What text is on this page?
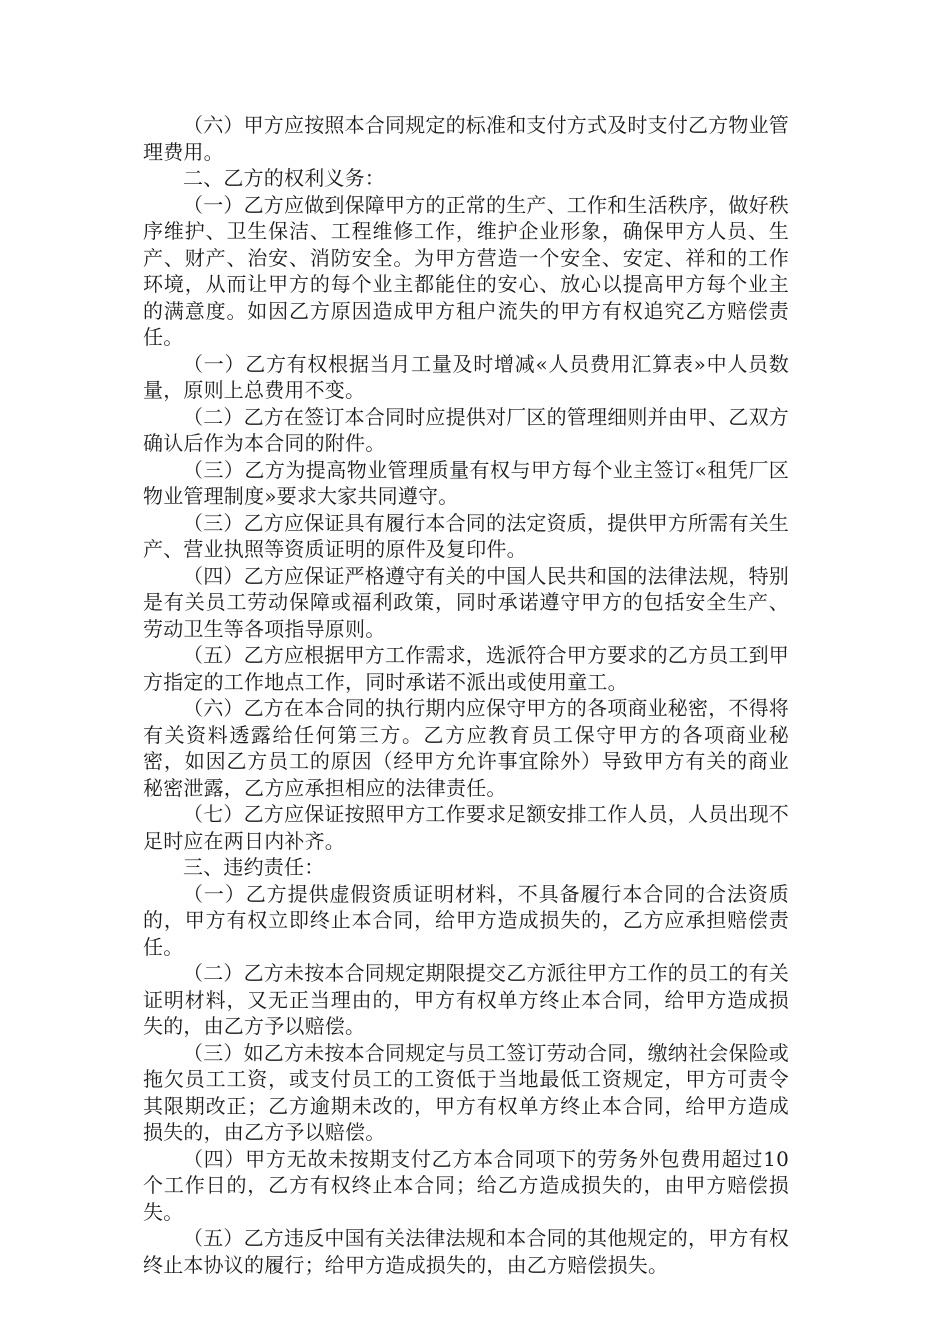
（六）甲方应按照本合同规定的标准和支付方式及时支付乙方物业管理费用。

二、乙方的权利义务：

（一）乙方应做到保障甲方的正常的生产、工作和生活秩序，做好秩序维护、卫生保洁、工程维修工作，维护企业形象，确保甲方人员、生产、财产、治安、消防安全。为甲方营造一个安全、安定、祥和的工作环境，从而让甲方的每个业主都能住的安心、放心以提高甲方每个业主的满意度。如因乙方原因造成甲方租户流失的甲方有权追究乙方赔偿责任。

（一）乙方有权根据当月工量及时增减«人员费用汇算表»中人员数量，原则上总费用不变。

（二）乙方在签订本合同时应提供对厂区的管理细则并由甲、乙双方确认后作为本合同的附件。

（三）乙方为提高物业管理质量有权与甲方每个业主签订«租凭厂区物业管理制度»要求大家共同遵守。

（三）乙方应保证具有履行本合同的法定资质，提供甲方所需有关生产、营业执照等资质证明的原件及复印件。

（四）乙方应保证严格遵守有关的中国人民共和国的法律法规，特别是有关员工劳动保障或福利政策，同时承诺遵守甲方的包括安全生产、劳动卫生等各项指导原则。

（五）乙方应根据甲方工作需求，选派符合甲方要求的乙方员工到甲方指定的工作地点工作，同时承诺不派出或使用童工。

（六）乙方在本合同的执行期内应保守甲方的各项商业秘密，不得将有关资料透露给任何第三方。乙方应教育员工保守甲方的各项商业秘密，如因乙方员工的原因（经甲方允许事宜除外）导致甲方有关的商业秘密泄露，乙方应承担相应的法律责任。

（七）乙方应保证按照甲方工作要求足额安排工作人员，人员出现不足时应在两日内补齐。

三、违约责任：

（一）乙方提供虚假资质证明材料，不具备履行本合同的合法资质的，甲方有权立即终止本合同，给甲方造成损失的，乙方应承担赔偿责任。

（二）乙方未按本合同规定期限提交乙方派往甲方工作的员工的有关证明材料，又无正当理由的，甲方有权单方终止本合同，给甲方造成损失的，由乙方予以赔偿。

（三）如乙方未按本合同规定与员工签订劳动合同，缴纳社会保险或拖欠员工工资，或支付员工的工资低于当地最低工资规定，甲方可责令其限期改正；乙方逾期未改的，甲方有权单方终止本合同，给甲方造成损失的，由乙方予以赔偿。

（四）甲方无故未按期支付乙方本合同项下的劳务外包费用超过10个工作日的，乙方有权终止本合同；给乙方造成损失的，由甲方赔偿损失。

（五）乙方违反中国有关法律法规和本合同的其他规定的，甲方有权终止本协议的履行；给甲方造成损失的，由乙方赔偿损失。
